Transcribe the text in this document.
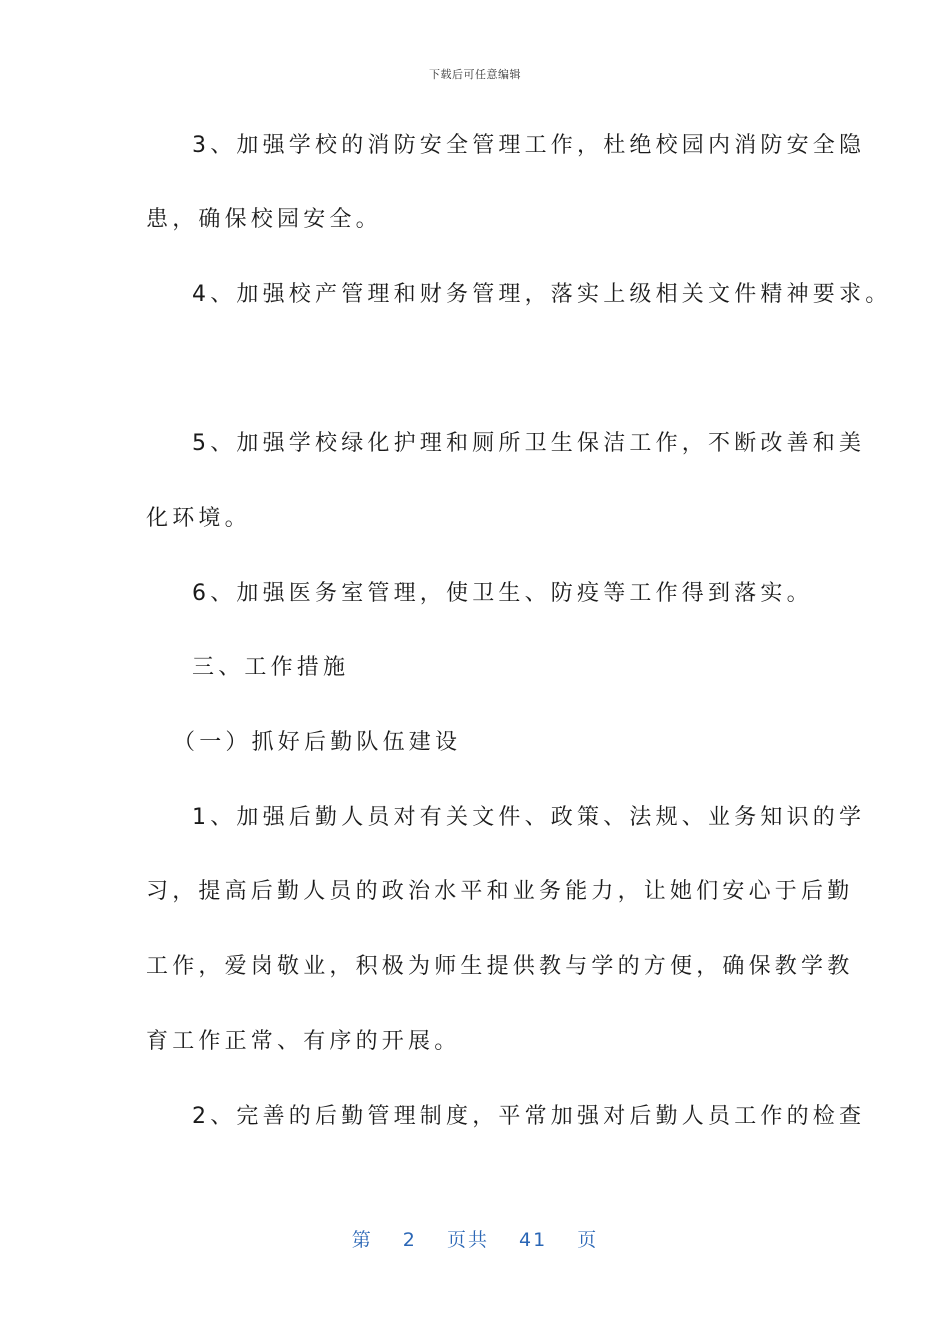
下载后可任意编辑
3、加强学校的消防安全管理工作，杜绝校园内消防安全隐
患，确保校园安全。
4、加强校产管理和财务管理，落实上级相关文件精神要求。
5、加强学校绿化护理和厕所卫生保洁工作，不断改善和美
化环境。
6、加强医务室管理，使卫生、防疫等工作得到落实。
三、工作措施
（一）抓好后勤队伍建设
1、加强后勤人员对有关文件、政策、法规、业务知识的学
习，提高后勤人员的政治水平和业务能力，让她们安心于后勤
工作，爱岗敬业，积极为师生提供教与学的方便，确保教学教
育工作正常、有序的开展。
2、完善的后勤管理制度，平常加强对后勤人员工作的检查
第 2 页共 41 页
